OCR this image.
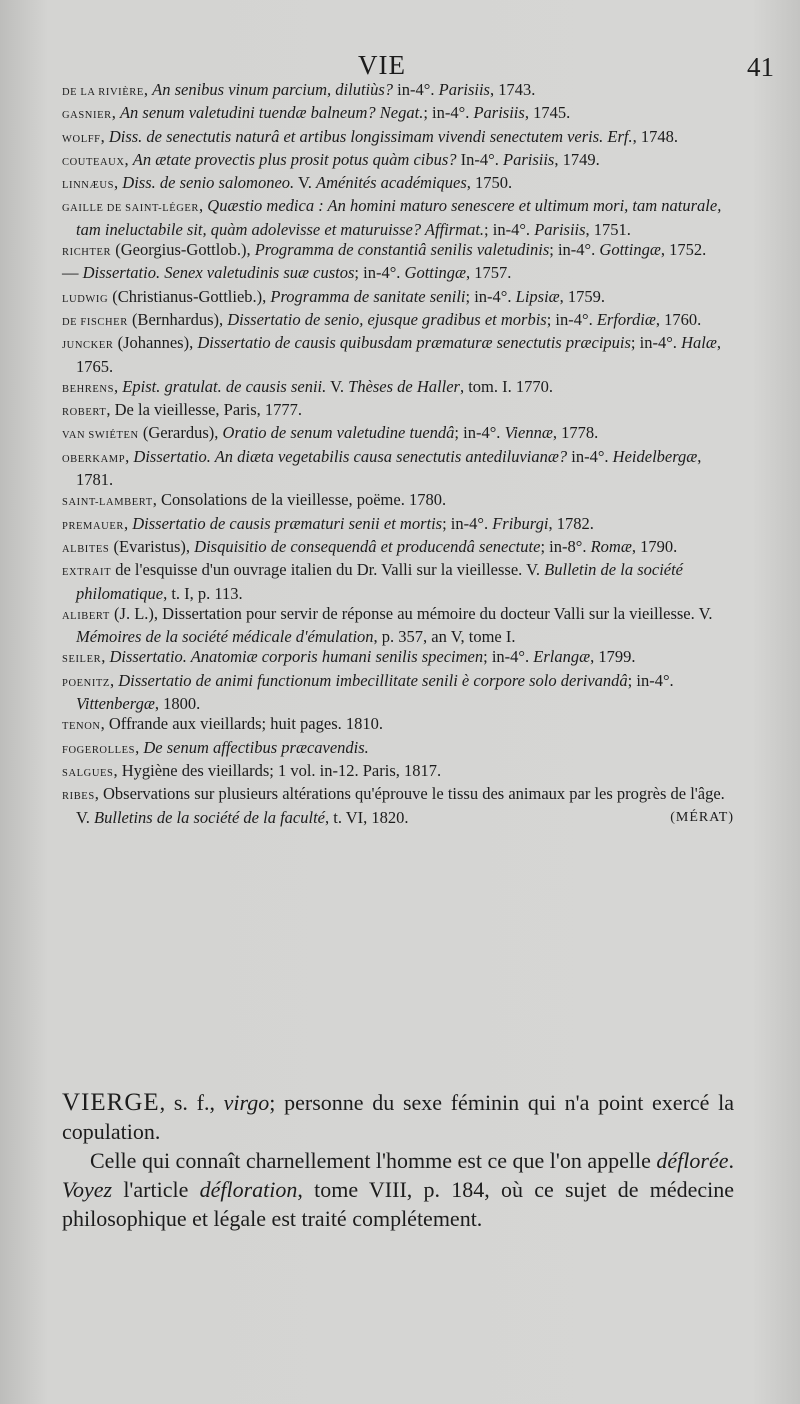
VIE	41

DE LA RIVIÈRE, An senibus vinum parcium, dilutiùs? in-4°. Parisiis, 1743.

GASNIER, An senum valetudini tuendæ balneum? Negat.; in-4°. Parisiis, 1745.

WOLFF, Diss. de senectutis naturâ et artibus longissimam vivendi senectutem veris. Erf., 1748.

COUTEAUX, An ætate provectis plus prosit potus quàm cibus? In-4°. Parisiis, 1749.

LINNÆUS, Diss. de senio salomoneo. V. Aménités académiques, 1750.

GAILLE DE SAINT-LÉGER, Quæstio medica : An homini maturo senescere et ultimum mori, tam naturale, tam ineluctabile sit, quàm adolevisse et maturuisse? Affirmat.; in-4°. Parisiis, 1751.

RICHTER (Georgius-Gottlob.), Programma de constantiâ senilis valetudinis; in-4°. Gottingæ, 1752.

— Dissertatio. Senex valetudinis suæ custos; in-4°. Gottingæ, 1757.

LUDWIG (Christianus-Gottlieb.), Programma de sanitate senili; in-4°. Lipsiæ, 1759.

DE FISCHER (Bernhardus), Dissertatio de senio, ejusque gradibus et morbis; in-4°. Erfordiæ, 1760.

JUNCKER (Johannes), Dissertatio de causis quibusdam præmaturæ senectutis præcipuis; in-4°. Halæ, 1765.

BEHRENS, Epist. gratulat. de causis senii. V. Thèses de Haller, tom. I. 1770.

ROBERT, De la vieillesse, Paris, 1777.

VAN SWIÉTEN (Gerardus), Oratio de senum valetudine tuendâ; in-4°. Viennæ, 1778.

OBERKAMP, Dissertatio. An diæta vegetabilis causa senectutis antediluvianæ? in-4°. Heidelbergæ, 1781.

SAINT-LAMBERT, Consolations de la vieillesse, poëme. 1780.

PREMAUER, Dissertatio de causis præmaturi senii et mortis; in-4°. Friburgi, 1782.

ALBITES (Evaristus), Disquisitio de consequendâ et producendâ senectute; in-8°. Romæ, 1790.

EXTRAIT de l'esquisse d'un ouvrage italien du Dr. Valli sur la vieillesse. V. Bulletin de la société philomatique, t. I, p. 113.

ALIBERT (J. L.), Dissertation pour servir de réponse au mémoire du docteur Valli sur la vieillesse. V. Mémoires de la société médicale d'émulation, p. 357, an V, tome I.

SEILER, Dissertatio. Anatomiæ corporis humani senilis specimen; in-4°. Erlangæ, 1799.

POENITZ, Dissertatio de animi functionum imbecillitate senili è corpore solo derivandâ; in-4°. Vittenbergæ, 1800.

TENON, Offrande aux vieillards; huit pages. 1810.

FOGEROLLES, De senum affectibus præcavendis.

SALGUES, Hygiène des vieillards; 1 vol. in-12. Paris, 1817.

RIBES, Observations sur plusieurs altérations qu'éprouve le tissu des animaux par les progrès de l'âge. V. Bulletins de la société de la faculté, t. VI, 1820.	(MÉRAT)

VIERGE, s. f., virgo; personne du sexe féminin qui n'a point exercé la copulation.

Celle qui connaît charnellement l'homme est ce que l'on appelle déflorée. Voyez l'article défloration, tome VIII, p. 184, où ce sujet de médecine philosophique et légale est traité complétement.
